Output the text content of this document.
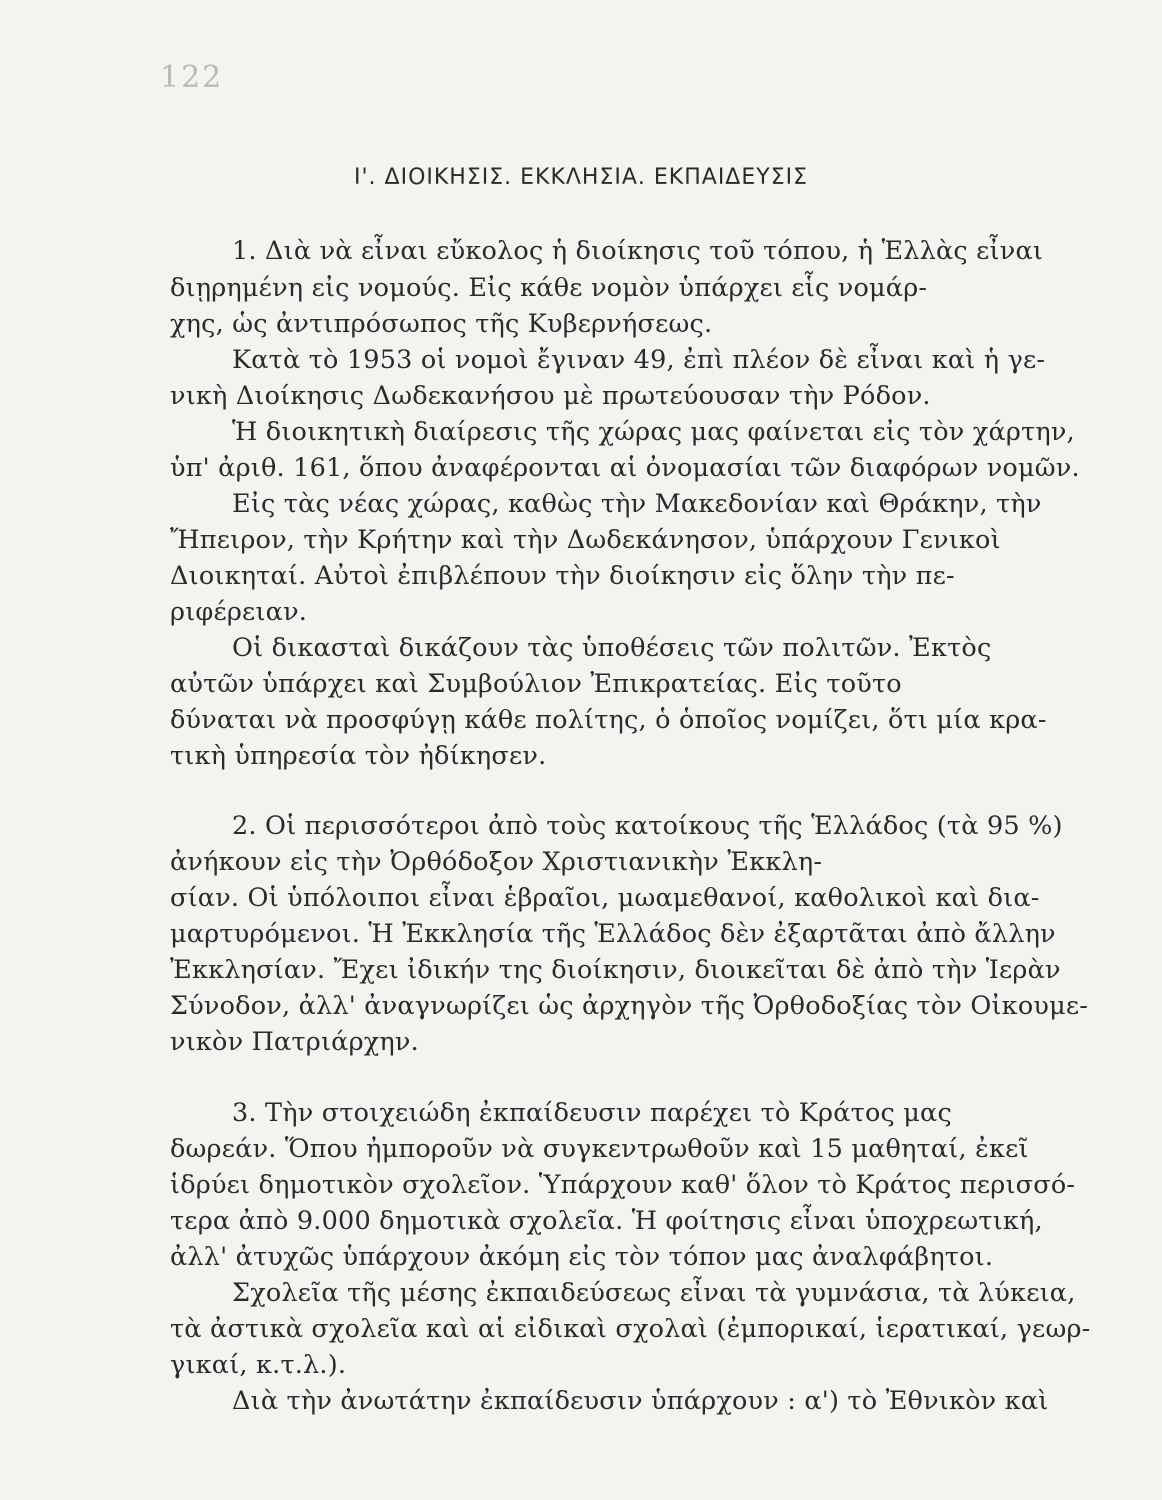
122
Ι'. ΔΙΟΙΚΗΣΙΣ. ΕΚΚΛΗΣΙΑ. ΕΚΠΑΙΔΕΥΣΙΣ
1. Διὰ νὰ εἶναι εὔκολος ἡ διοίκησις τοῦ τόπου, ἡ Ἑλλὰς εἶναι
διῃρημένη εἰς νομούς. Εἰς κάθε νομὸν ὑπάρχει εἷς νομάρ-
χης, ὡς ἀντιπρόσωπος τῆς Κυβερνήσεως.
Κατὰ τὸ 1953 οἱ νομοὶ ἔγιναν 49, ἐπὶ πλέον δὲ εἶναι καὶ ἡ γε-
νικὴ Διοίκησις Δωδεκανήσου μὲ πρωτεύουσαν τὴν Ρόδον.
Ἡ διοικητικὴ διαίρεσις τῆς χώρας μας φαίνεται εἰς τὸν χάρτην,
ὑπ' ἀριθ. 161, ὅπου ἀναφέρονται αἱ ὀνομασίαι τῶν διαφόρων νομῶν.
Εἰς τὰς νέας χώρας, καθὼς τὴν Μακεδονίαν καὶ Θράκην, τὴν
Ἤπειρον, τὴν Κρήτην καὶ τὴν Δωδεκάνησον, ὑπάρχουν Γενικοὶ
Διοικηταί. Αὐτοὶ ἐπιβλέπουν τὴν διοίκησιν εἰς ὅλην τὴν πε-
ριφέρειαν.
Οἱ δικασταὶ δικάζουν τὰς ὑποθέσεις τῶν πολιτῶν. Ἐκτὸς
αὐτῶν ὑπάρχει καὶ Συμβούλιον Ἐπικρατείας. Εἰς τοῦτο
δύναται νὰ προσφύγῃ κάθε πολίτης, ὁ ὁποῖος νομίζει, ὅτι μία κρα-
τικὴ ὑπηρεσία τὸν ἠδίκησεν.
2. Οἱ περισσότεροι ἀπὸ τοὺς κατοίκους τῆς Ἑλλάδος (τὰ 95 %)
ἀνήκουν εἰς τὴν Ὀρθόδοξον Χριστιανικὴν Ἐκκλη-
σίαν. Οἱ ὑπόλοιποι εἶναι ἑβραῖοι, μωαμεθανοί, καθολικοὶ καὶ δια-
μαρτυρόμενοι. Ἡ Ἐκκλησία τῆς Ἑλλάδος δὲν ἐξαρτᾶται ἀπὸ ἄλλην
Ἐκκλησίαν. Ἔχει ἰδικήν της διοίκησιν, διοικεῖται δὲ ἀπὸ τὴν Ἱερὰν
Σύνοδον, ἀλλ' ἀναγνωρίζει ὡς ἀρχηγὸν τῆς Ὀρθοδοξίας τὸν Οἰκουμε-
νικὸν Πατριάρχην.
3. Τὴν στοιχειώδη ἐκπαίδευσιν παρέχει τὸ Κράτος μας
δωρεάν. Ὅπου ἠμποροῦν νὰ συγκεντρωθοῦν καὶ 15 μαθηταί, ἐκεῖ
ἱδρύει δημοτικὸν σχολεῖον. Ὑπάρχουν καθ' ὅλον τὸ Κράτος περισσό-
τερα ἀπὸ 9.000 δημοτικὰ σχολεῖα. Ἡ φοίτησις εἶναι ὑποχρεωτική,
ἀλλ' ἀτυχῶς ὑπάρχουν ἀκόμη εἰς τὸν τόπον μας ἀναλφάβητοι.
Σχολεῖα τῆς μέσης ἐκπαιδεύσεως εἶναι τὰ γυμνάσια, τὰ λύκεια,
τὰ ἀστικὰ σχολεῖα καὶ αἱ εἰδικαὶ σχολαὶ (ἐμπορικαί, ἱερατικαί, γεωρ-
γικαί, κ.τ.λ.).
Διὰ τὴν ἀνωτάτην ἐκπαίδευσιν ὑπάρχουν : α') τὸ Ἐθνικὸν καὶ
